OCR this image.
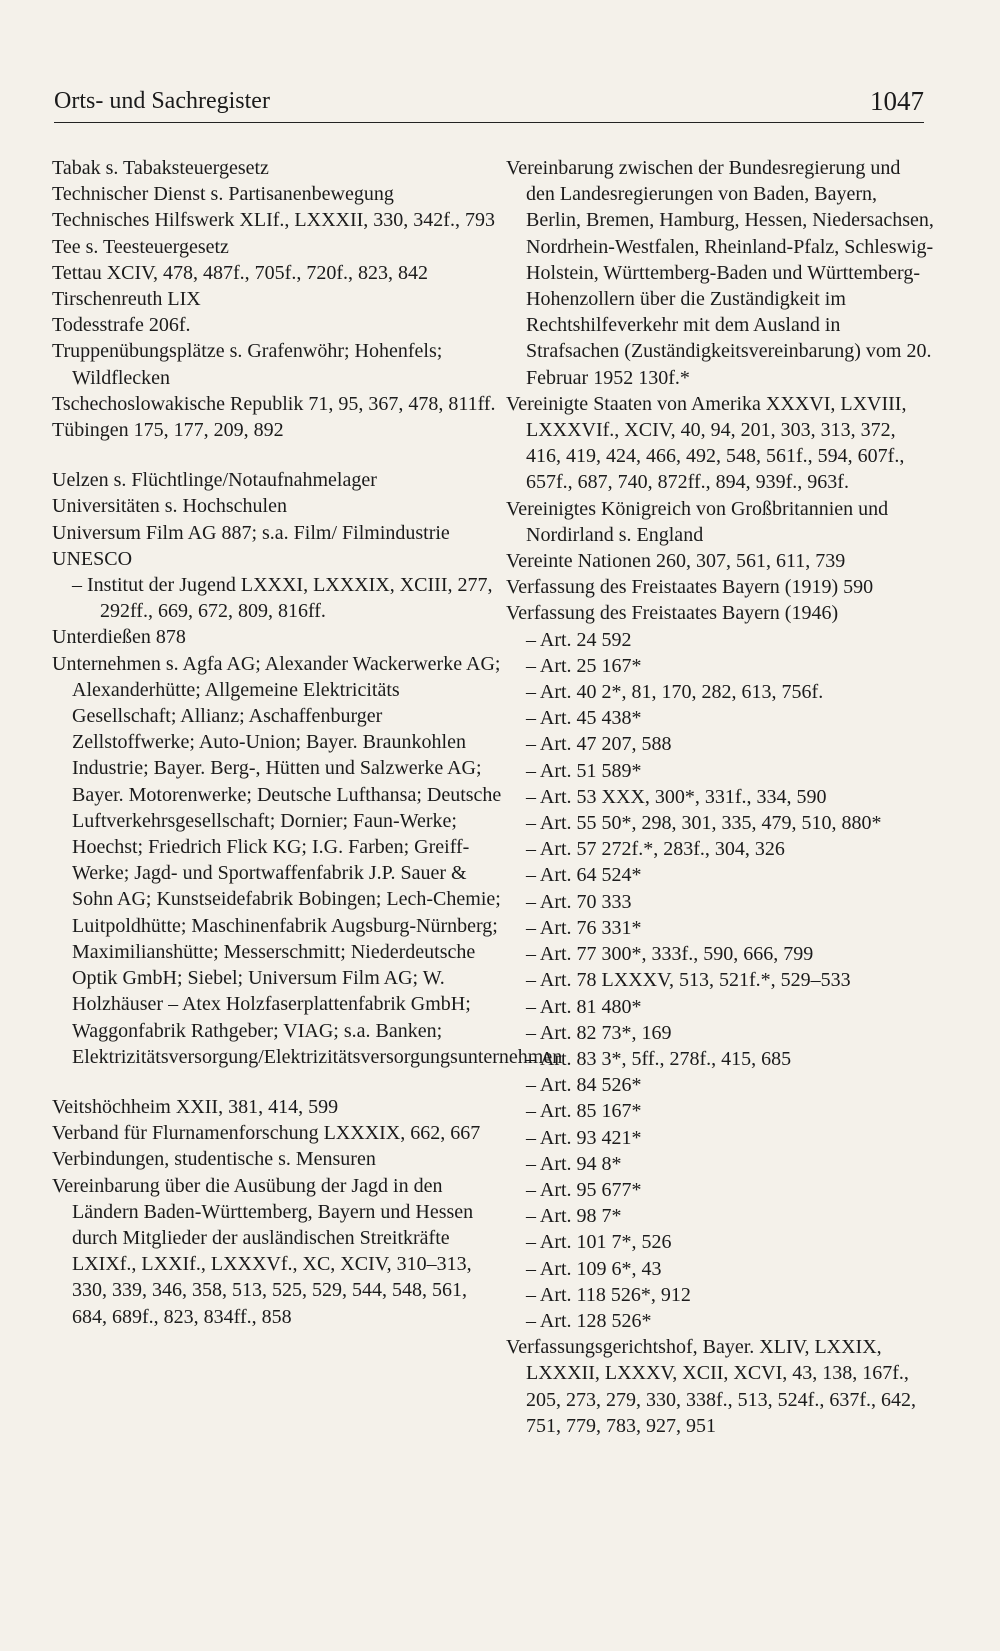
Orts- und Sachregister	1047

Tabak s. Tabaksteuergesetz

Technischer Dienst s. Partisanenbewegung

Technisches Hilfswerk XLIf., LXXXII, 330, 342f., 793

Tee s. Teesteuergesetz

Tettau XCIV, 478, 487f., 705f., 720f., 823, 842

Tirschenreuth LIX

Todesstrafe 206f.

Truppenübungsplätze s. Grafenwöhr; Hohenfels; Wildflecken

Tschechoslowakische Republik 71, 95, 367, 478, 811ff.

Tübingen 175, 177, 209, 892

Uelzen s. Flüchtlinge/Notaufnahmelager

Universitäten s. Hochschulen

Universum Film AG 887; s.a. Film/ Filmindustrie

UNESCO

– Institut der Jugend LXXXI, LXXXIX, XCIII, 277, 292ff., 669, 672, 809, 816ff.

Unterdießen 878

Unternehmen s. Agfa AG; Alexander Wackerwerke AG; Alexanderhütte; Allgemeine Elektricitäts Gesellschaft; Allianz; Aschaffenburger Zellstoffwerke; Auto-Union; Bayer. Braunkohlen Industrie; Bayer. Berg-, Hütten und Salzwerke AG; Bayer. Motorenwerke; Deutsche Lufthansa; Deutsche Luftverkehrsgesellschaft; Dornier; Faun-Werke; Hoechst; Friedrich Flick KG; I.G. Farben; Greiff-Werke; Jagd- und Sportwaffenfabrik J.P. Sauer & Sohn AG; Kunstseidefabrik Bobingen; Lech-Chemie; Luitpoldhütte; Maschinenfabrik Augsburg-Nürnberg; Maximilianshütte; Messerschmitt; Niederdeutsche Optik GmbH; Siebel; Universum Film AG; W. Holzhäuser – Atex Holzfaserplattenfabrik GmbH; Waggonfabrik Rathgeber; VIAG; s.a. Banken; Elektrizitätsversorgung/Elektrizitätsversorgungsunternehmen

Veitshöchheim XXII, 381, 414, 599

Verband für Flurnamenforschung LXXXIX, 662, 667

Verbindungen, studentische s. Mensuren

Vereinbarung über die Ausübung der Jagd in den Ländern Baden-Württemberg, Bayern und Hessen durch Mitglieder der ausländischen Streitkräfte LXIXf., LXXIf., LXXXVf., XC, XCIV, 310–313, 330, 339, 346, 358, 513, 525, 529, 544, 548, 561, 684, 689f., 823, 834ff., 858

Vereinbarung zwischen der Bundesregierung und den Landesregierungen von Baden, Bayern, Berlin, Bremen, Hamburg, Hessen, Niedersachsen, Nordrhein-Westfalen, Rheinland-Pfalz, Schleswig-Holstein, Württemberg-Baden und Württemberg-Hohenzollern über die Zuständigkeit im Rechtshilfeverkehr mit dem Ausland in Strafsachen (Zuständigkeitsvereinbarung) vom 20. Februar 1952 130f.*

Vereinigte Staaten von Amerika XXXVI, LXVIII, LXXXVIf., XCIV, 40, 94, 201, 303, 313, 372, 416, 419, 424, 466, 492, 548, 561f., 594, 607f., 657f., 687, 740, 872ff., 894, 939f., 963f.

Vereinigtes Königreich von Großbritannien und Nordirland s. England

Vereinte Nationen 260, 307, 561, 611, 739

Verfassung des Freistaates Bayern (1919) 590

Verfassung des Freistaates Bayern (1946)

– Art. 24 592

– Art. 25 167*

– Art. 40 2*, 81, 170, 282, 613, 756f.

– Art. 45 438*

– Art. 47 207, 588

– Art. 51 589*

– Art. 53 XXX, 300*, 331f., 334, 590

– Art. 55 50*, 298, 301, 335, 479, 510, 880*

– Art. 57 272f.*, 283f., 304, 326

– Art. 64 524*

– Art. 70 333

– Art. 76 331*

– Art. 77 300*, 333f., 590, 666, 799

– Art. 78 LXXXV, 513, 521f.*, 529–533

– Art. 81 480*

– Art. 82 73*, 169

– Art. 83 3*, 5ff., 278f., 415, 685

– Art. 84 526*

– Art. 85 167*

– Art. 93 421*

– Art. 94 8*

– Art. 95 677*

– Art. 98 7*

– Art. 101 7*, 526

– Art. 109 6*, 43

– Art. 118 526*, 912

– Art. 128 526*

Verfassungsgerichtshof, Bayer. XLIV, LXXIX, LXXXII, LXXXV, XCII, XCVI, 43, 138, 167f., 205, 273, 279, 330, 338f., 513, 524f., 637f., 642, 751, 779, 783, 927, 951
